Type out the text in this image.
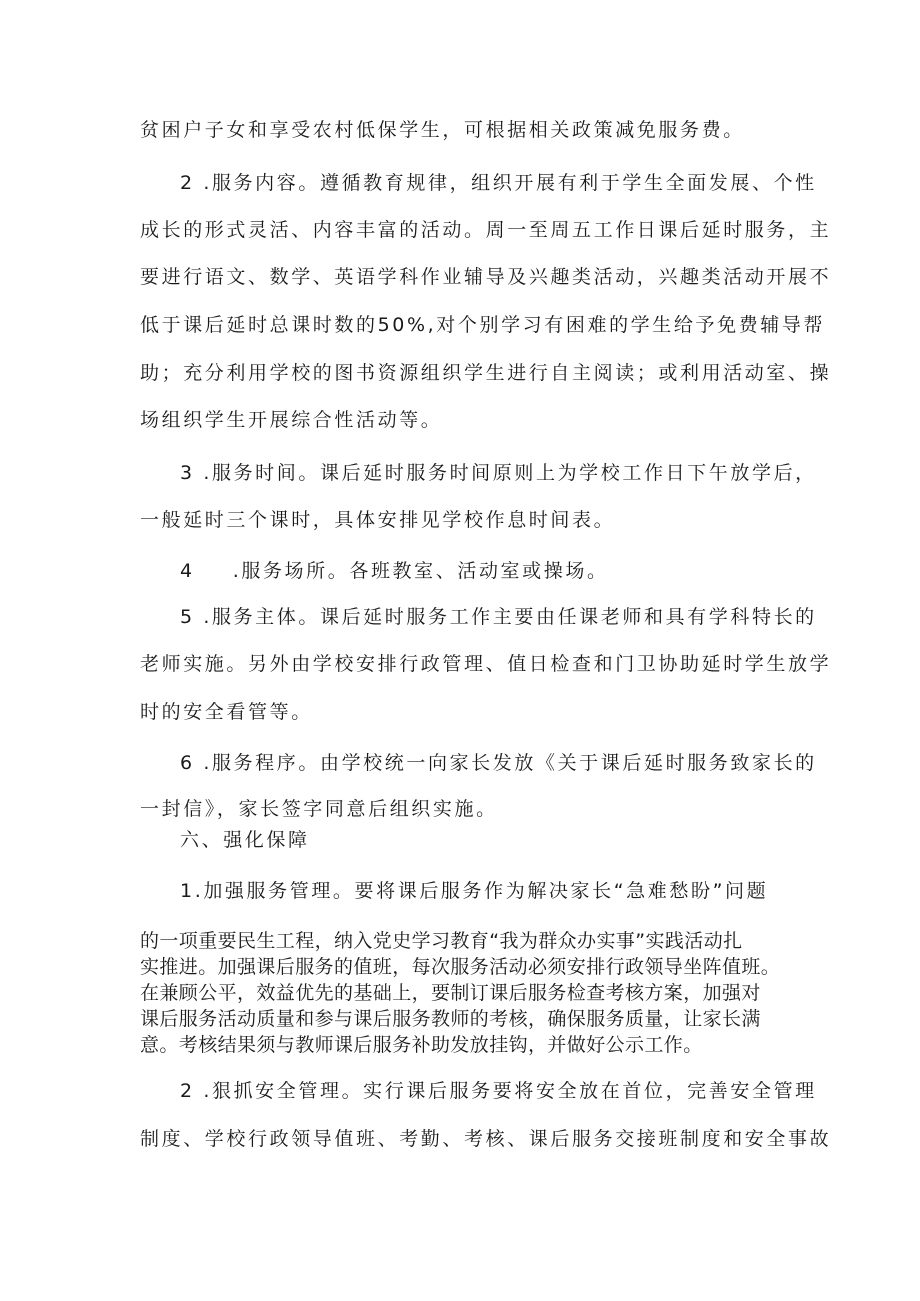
贫困户子女和享受农村低保学生，可根据相关政策减免服务费。
2 .服务内容。遵循教育规律，组织开展有利于学生全面发展、个性
成长的形式灵活、内容丰富的活动。周一至周五工作日课后延时服务，主
要进行语文、数学、英语学科作业辅导及兴趣类活动，兴趣类活动开展不
低于课后延时总课时数的50%,对个别学习有困难的学生给予免费辅导帮
助；充分利用学校的图书资源组织学生进行自主阅读；或利用活动室、操
场组织学生开展综合性活动等。
3 .服务时间。课后延时服务时间原则上为学校工作日下午放学后，
一般延时三个课时，具体安排见学校作息时间表。
4 .服务场所。各班教室、活动室或操场。
5 .服务主体。课后延时服务工作主要由任课老师和具有学科特长的
老师实施。另外由学校安排行政管理、值日检查和门卫协助延时学生放学
时的安全看管等。
6 .服务程序。由学校统一向家长发放《关于课后延时服务致家长的
一封信》，家长签字同意后组织实施。
六、强化保障
1.加强服务管理。要将课后服务作为解决家长“急难愁盼”问题
的一项重要民生工程，纳入党史学习教育“我为群众办实事”实践活动扎
实推进。加强课后服务的值班，每次服务活动必须安排行政领导坐阵值班。
在兼顾公平，效益优先的基础上，要制订课后服务检查考核方案，加强对
课后服务活动质量和参与课后服务教师的考核，确保服务质量，让家长满
意。考核结果须与教师课后服务补助发放挂钩，并做好公示工作。
2 .狠抓安全管理。实行课后服务要将安全放在首位，完善安全管理
制度、学校行政领导值班、考勤、考核、课后服务交接班制度和安全事故
